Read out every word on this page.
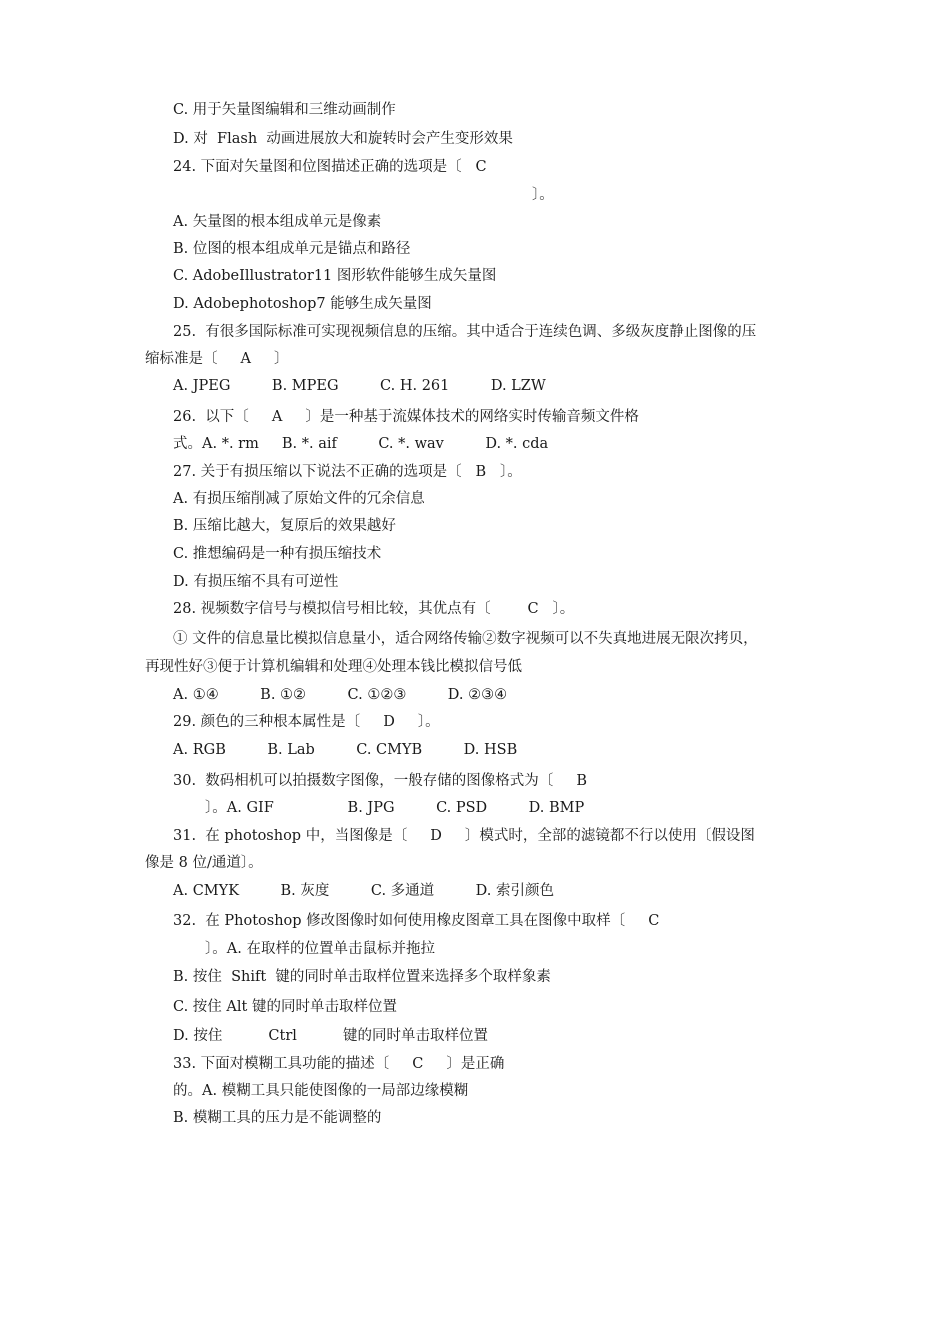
C. 用于矢量图编辑和三维动画制作
D. 对  Flash  动画进展放大和旋转时会产生变形效果
24. 下面对矢量图和位图描述正确的选项是〔   C
〕。
A. 矢量图的根本组成单元是像素
B. 位图的根本组成单元是锚点和路径
C. AdobeIllustrator11 图形软件能够生成矢量图
D. Adobephotoshop7 能够生成矢量图
25.  有很多国际标准可实现视频信息的压缩。其中适合于连续色调、多级灰度静止图像的压
缩标准是〔     A     〕
A. JPEG         B. MPEG         C. H. 261         D. LZW
26.  以下〔     A     〕是一种基于流媒体技术的网络实时传输音频文件格
式。A. *. rm     B. *. aif         C. *. wav         D. *. cda
27. 关于有损压缩以下说法不正确的选项是〔   B   〕。
A. 有损压缩削减了原始文件的冗余信息
B. 压缩比越大，复原后的效果越好
C. 推想编码是一种有损压缩技术
D. 有损压缩不具有可逆性
28. 视频数字信号与模拟信号相比较，其优点有〔        C   〕。
① 文件的信息量比模拟信息量小，适合网络传输②数字视频可以不失真地进展无限次拷贝，
再现性好③便于计算机编辑和处理④处理本钱比模拟信号低
A. ①④         B. ①②         C. ①②③         D. ②③④
29. 颜色的三种根本属性是〔     D     〕。
A. RGB         B. Lab         C. CMYB         D. HSB
30.  数码相机可以拍摄数字图像，一般存储的图像格式为〔     B
〕。A. GIF                B. JPG         C. PSD         D. BMP
31.  在 photoshop 中，当图像是〔     D     〕模式时，全部的滤镜都不行以使用〔假设图
像是 8 位/通道〕。
A. CMYK         B. 灰度         C. 多通道         D. 索引颜色
32.  在 Photoshop 修改图像时如何使用橡皮图章工具在图像中取样〔     C
〕。A. 在取样的位置单击鼠标并拖拉
B. 按住  Shift  键的同时单击取样位置来选择多个取样象素
C. 按住 Alt 键的同时单击取样位置
D. 按住          Ctrl          键的同时单击取样位置
33. 下面对模糊工具功能的描述〔     C     〕是正确
的。A. 模糊工具只能使图像的一局部边缘模糊
B. 模糊工具的压力是不能调整的
